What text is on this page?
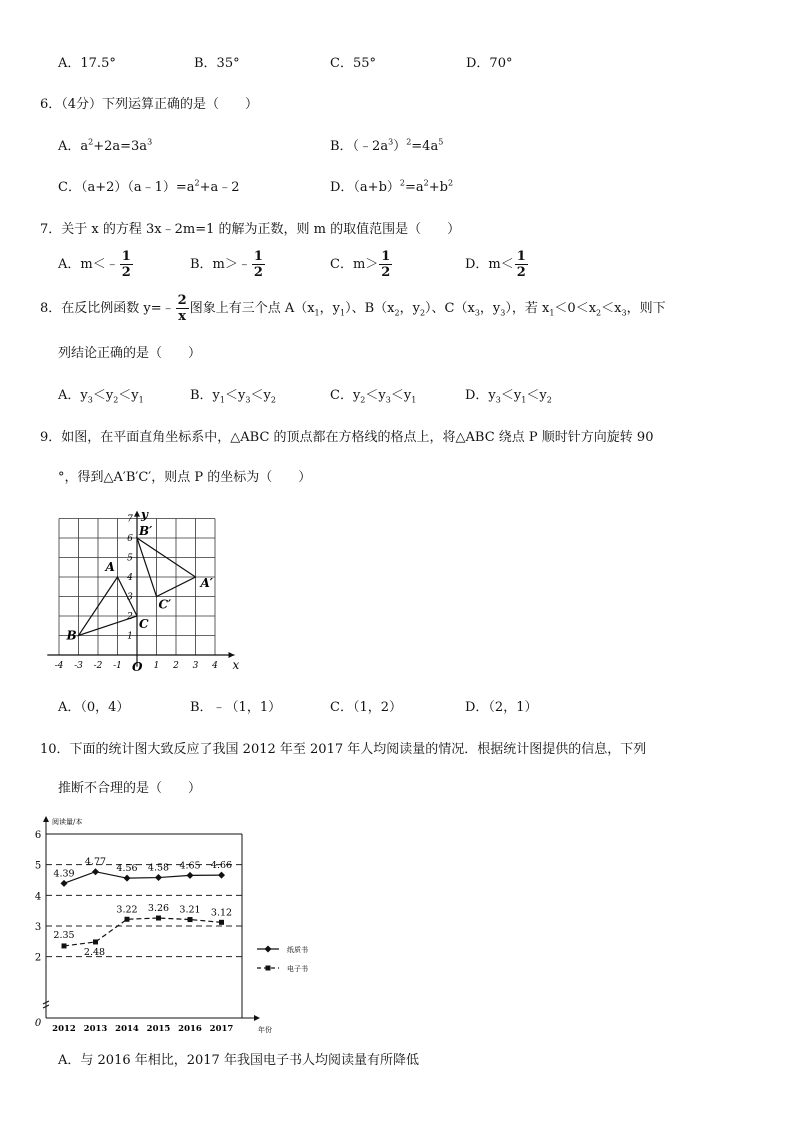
A．17.5°	B．35°	C．55°	D．70°
6．（4分）下列运算正确的是（　　）
A．$a^2+2a=3a^3$	B．$(﹣2a^3)^2=4a^5$
C．$(a+2)(a﹣1)=a^2+a﹣2$	D．$(a+b)^2=a^2+b^2$
7．关于 x 的方程 3x﹣2m=1 的解为正数，则 m 的取值范围是（　　）
A．m＜﹣ $\frac{1}{2}$	B．m＞﹣ $\frac{1}{2}$	C．$m> \frac{1}{2}$	D．$m< \frac{1}{2}$
8．在反比例函数 y=﹣ $\frac{2}{x}$ 图象上有三个点 $A(x_1$，$y_1$）、$B(x_2$，$y_2$）、$C(x_3$，$y_3$），若 $x_1<0<x_2<x_3$，则下
列结论正确的是（　　）
A．$y_3<y_2<y_1$	B．$y_1<y_3<y_2$	C．$y_2<y_3<y_1$	D．$y_3<y_1<y_2$
9．如图，在平面直角坐标系中，△ABC 的顶点都在方格线的格点上，将△ABC 绕点 P 顺时针方向旋转 90
°，得到△A′B′C′，则点 P 的坐标为（　　）
-4 -3 -2 -1	1 2 3 4
1
2
3
4
5
6
7
x
y
O
A
B
C
A′
B′
C′
A．（0，4）	B．﹣（1，1）	C．（1，2）	D．（2，1）
10．下面的统计图大致反应了我国 2012 年至 2017 年人均阅读量的情况．根据统计图提供的信息，下列
推断不合理的是（　　）
0
2
3
4
5
6
2012 2013 2014 2015 2016 2017
阅读量/本
年份
4.39
4.77
4.56 4.58 4.65 4.66
2.35
2.48
3.22 3.26 3.21 3.12
纸质书
电子书
A．与 2016 年相比，2017 年我国电子书人均阅读量有所降低
